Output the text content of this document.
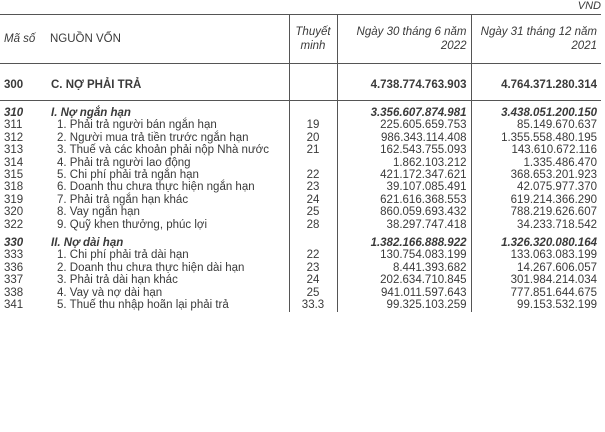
VND
Mã số	NGUỒN VỐN	Thuyết minh	Ngày 30 tháng 6 năm 2022	Ngày 31 tháng 12 năm 2021

300	C. NỢ PHẢI TRẢ		4.738.774.763.903	4.764.371.280.314

310	I. Nợ ngắn hạn		3.356.607.874.981	3.438.051.200.150
311	1. Phải trả người bán ngắn hạn	19	225.605.659.753	85.149.670.637
312	2. Người mua trả tiền trước ngắn hạn	20	986.343.114.408	1.355.558.480.195
313	3. Thuế và các khoản phải nộp Nhà nước	21	162.543.755.093	143.610.672.116
314	4. Phải trả người lao động		1.862.103.212	1.335.486.470
315	5. Chi phí phải trả ngắn hạn	22	421.172.347.621	368.653.201.923
318	6. Doanh thu chưa thực hiện ngắn hạn	23	39.107.085.491	42.075.977.370
319	7. Phải trả ngắn hạn khác	24	621.616.368.553	619.214.366.290
320	8. Vay ngắn hạn	25	860.059.693.432	788.219.626.607
322	9. Quỹ khen thưởng, phúc lợi	28	38.297.747.418	34.233.718.542

330	II. Nợ dài hạn		1.382.166.888.922	1.326.320.080.164
333	1. Chi phí phải trả dài hạn	22	130.754.083.199	133.063.083.199
336	2. Doanh thu chưa thực hiện dài hạn	23	8.441.393.682	14.267.606.057
337	3. Phải trả dài hạn khác	24	202.634.710.845	301.984.214.034
338	4. Vay và nợ dài hạn	25	941.011.597.643	777.851.644.675
341	5. Thuế thu nhập hoãn lại phải trả	33.3	99.325.103.259	99.153.532.199
